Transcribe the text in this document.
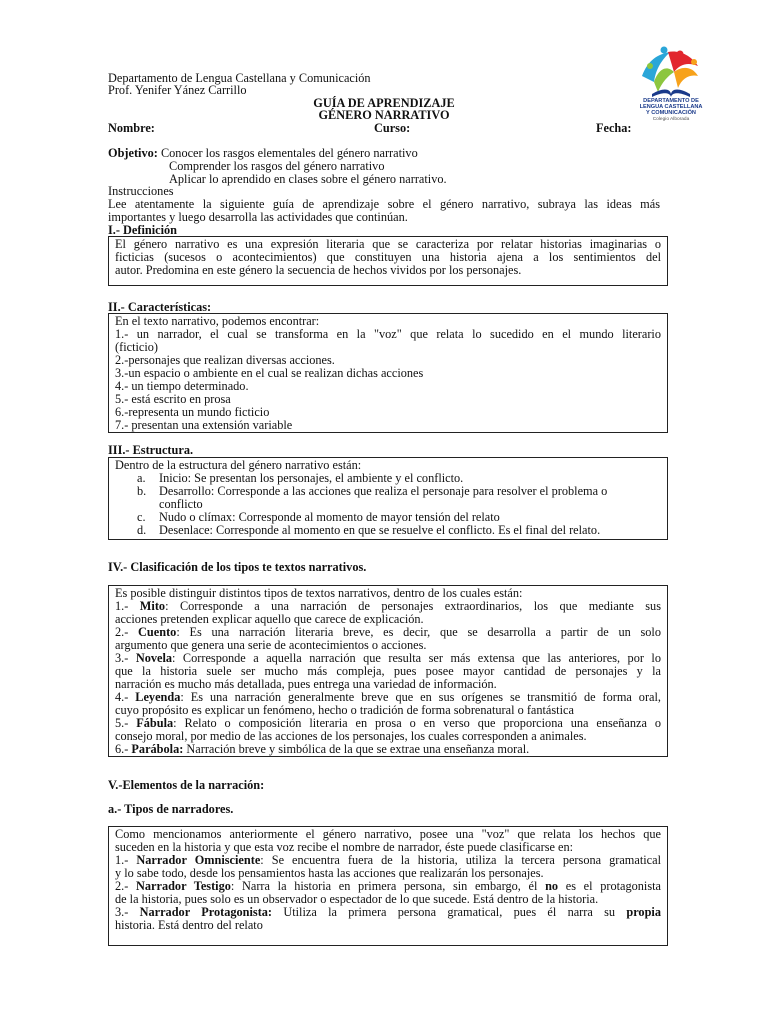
Departamento de Lengua Castellana y Comunicación
Prof. Yenifer Yánez Carrillo
GUÍA DE APRENDIZAJE
GÉNERO NARRATIVO
Nombre:	Curso:	Fecha:
DEPARTAMENTO DE
LENGUA CASTELLANA
Y COMUNICACIÓN
Colegio Alborada
Objetivo: Conocer los rasgos elementales del género narrativo
Comprender los rasgos del género narrativo
Aplicar lo aprendido en clases sobre el género narrativo.
Instrucciones
Lee atentamente la siguiente guía de aprendizaje sobre el género narrativo, subraya las ideas más
importantes y luego desarrolla las actividades que continúan.
I.- Definición
El género narrativo es una expresión literaria que se caracteriza por relatar historias imaginarias o
ficticias (sucesos o acontecimientos) que constituyen una historia ajena a los sentimientos del
autor. Predomina en este género la secuencia de hechos vividos por los personajes.
II.- Características:
En el texto narrativo, podemos encontrar:
1.- un narrador, el cual se transforma en la "voz" que relata lo sucedido en el mundo literario
(ficticio)
2.-personajes que realizan diversas acciones.
3.-un espacio o ambiente en el cual se realizan dichas acciones
4.- un tiempo determinado.
5.- está escrito en prosa
6.-representa un mundo ficticio
7.- presentan una extensión variable
III.- Estructura.
Dentro de la estructura del género narrativo están:
a.	Inicio: Se presentan los personajes, el ambiente y el conflicto.
b.	Desarrollo: Corresponde a las acciones que realiza el personaje para resolver el problema o
conflicto
c.	Nudo o clímax: Corresponde al momento de mayor tensión del relato
d.	Desenlace: Corresponde al momento en que se resuelve el conflicto. Es el final del relato.
IV.- Clasificación de los tipos te textos narrativos.
Es posible distinguir distintos tipos de textos narrativos, dentro de los cuales están:
1.- Mito: Corresponde a una narración de personajes extraordinarios, los que mediante sus
acciones pretenden explicar aquello que carece de explicación.
2.- Cuento: Es una narración literaria breve, es decir, que se desarrolla a partir de un solo
argumento que genera una serie de acontecimientos o acciones.
3.- Novela: Corresponde a aquella narración que resulta ser más extensa que las anteriores, por lo
que la historia suele ser mucho más compleja, pues posee mayor cantidad de personajes y la
narración es mucho más detallada, pues entrega una variedad de información.
4.- Leyenda: Es una narración generalmente breve que en sus orígenes se transmitió de forma oral,
cuyo propósito es explicar un fenómeno, hecho o tradición de forma sobrenatural o fantástica
5.- Fábula: Relato o composición literaria en prosa o en verso que proporciona una enseñanza o
consejo moral, por medio de las acciones de los personajes, los cuales corresponden a animales.
6.- Parábola: Narración breve y simbólica de la que se extrae una enseñanza moral.
V.-Elementos de la narración:
a.- Tipos de narradores.
Como mencionamos anteriormente el género narrativo, posee una "voz" que relata los hechos que
suceden en la historia y que esta voz recibe el nombre de narrador, éste puede clasificarse en:
1.- Narrador Omnisciente: Se encuentra fuera de la historia, utiliza la tercera persona gramatical
y lo sabe todo, desde los pensamientos hasta las acciones que realizarán los personajes.
2.- Narrador Testigo: Narra la historia en primera persona, sin embargo, él no es el protagonista
de la historia, pues solo es un observador o espectador de lo que sucede. Está dentro de la historia.
3.- Narrador Protagonista: Utiliza la primera persona gramatical, pues él narra su propia
historia. Está dentro del relato
